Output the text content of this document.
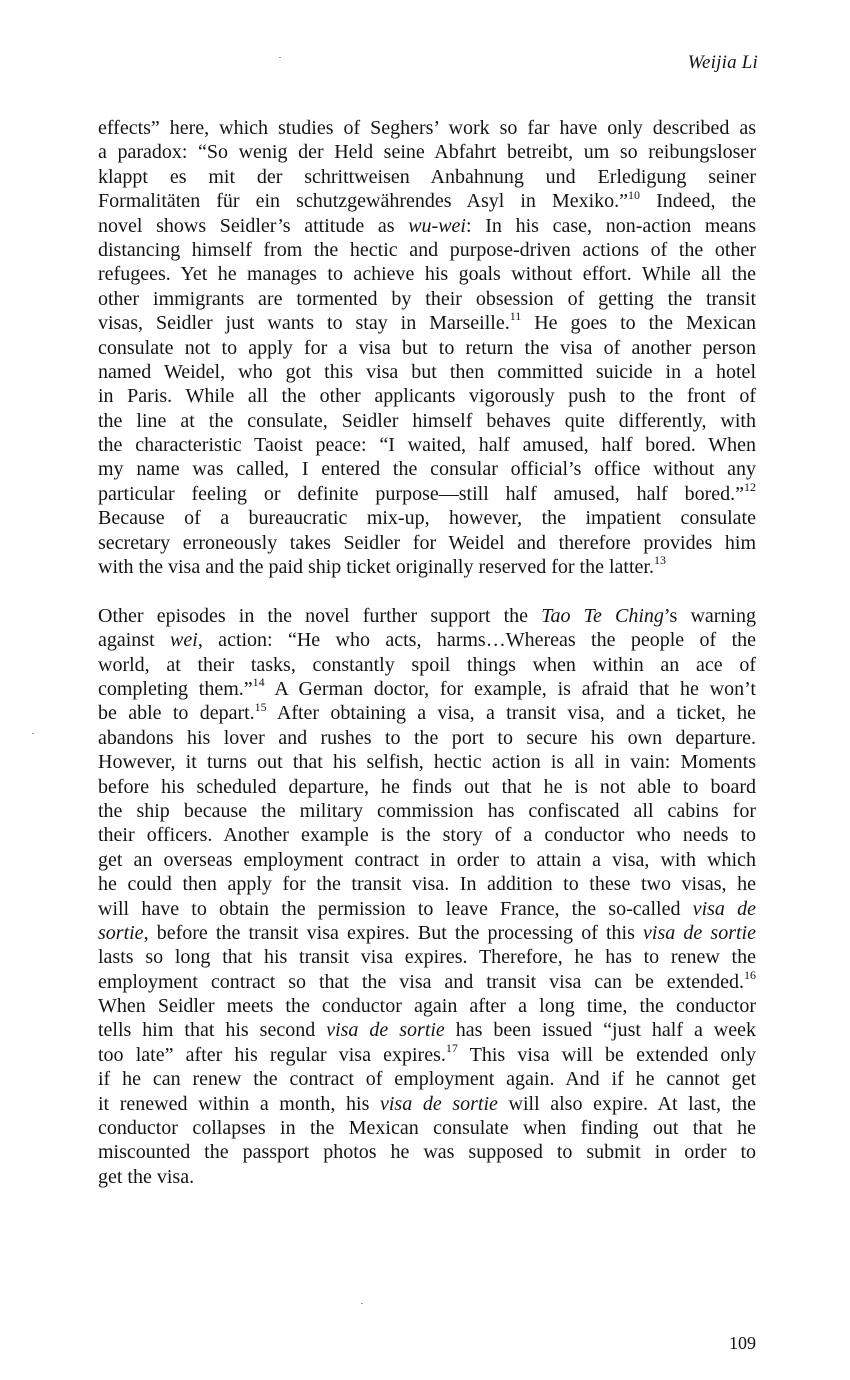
Weijia Li
effects” here, which studies of Seghers’ work so far have only described as
a paradox: “So wenig der Held seine Abfahrt betreibt, um so reibungsloser
klappt es mit der schrittweisen Anbahnung und Erledigung seiner
Formalitäten für ein schutzgewährendes Asyl in Mexiko.”$^{10}$ Indeed, the
novel shows Seidler’s attitude as wu-wei: In his case, non-action means
distancing himself from the hectic and purpose-driven actions of the other
refugees. Yet he manages to achieve his goals without effort. While all the
other immigrants are tormented by their obsession of getting the transit
visas, Seidler just wants to stay in Marseille.$^{11}$ He goes to the Mexican
consulate not to apply for a visa but to return the visa of another person
named Weidel, who got this visa but then committed suicide in a hotel
in Paris. While all the other applicants vigorously push to the front of
the line at the consulate, Seidler himself behaves quite differently, with
the characteristic Taoist peace: “I waited, half amused, half bored. When
my name was called, I entered the consular official’s office without any
particular feeling or definite purpose—still half amused, half bored.”$^{12}$
Because of a bureaucratic mix-up, however, the impatient consulate
secretary erroneously takes Seidler for Weidel and therefore provides him
with the visa and the paid ship ticket originally reserved for the latter.$^{13}$
Other episodes in the novel further support the Tao Te Ching’s warning
against wei, action: “He who acts, harms…Whereas the people of the
world, at their tasks, constantly spoil things when within an ace of
completing them.”$^{14}$ A German doctor, for example, is afraid that he won’t
be able to depart.$^{15}$ After obtaining a visa, a transit visa, and a ticket, he
abandons his lover and rushes to the port to secure his own departure.
However, it turns out that his selfish, hectic action is all in vain: Moments
before his scheduled departure, he finds out that he is not able to board
the ship because the military commission has confiscated all cabins for
their officers. Another example is the story of a conductor who needs to
get an overseas employment contract in order to attain a visa, with which
he could then apply for the transit visa. In addition to these two visas, he
will have to obtain the permission to leave France, the so-called visa de
sortie, before the transit visa expires. But the processing of this visa de sortie
lasts so long that his transit visa expires. Therefore, he has to renew the
employment contract so that the visa and transit visa can be extended.$^{16}$
When Seidler meets the conductor again after a long time, the conductor
tells him that his second visa de sortie has been issued “just half a week
too late” after his regular visa expires.$^{17}$ This visa will be extended only
if he can renew the contract of employment again. And if he cannot get
it renewed within a month, his visa de sortie will also expire. At last, the
conductor collapses in the Mexican consulate when finding out that he
miscounted the passport photos he was supposed to submit in order to
get the visa.
109
